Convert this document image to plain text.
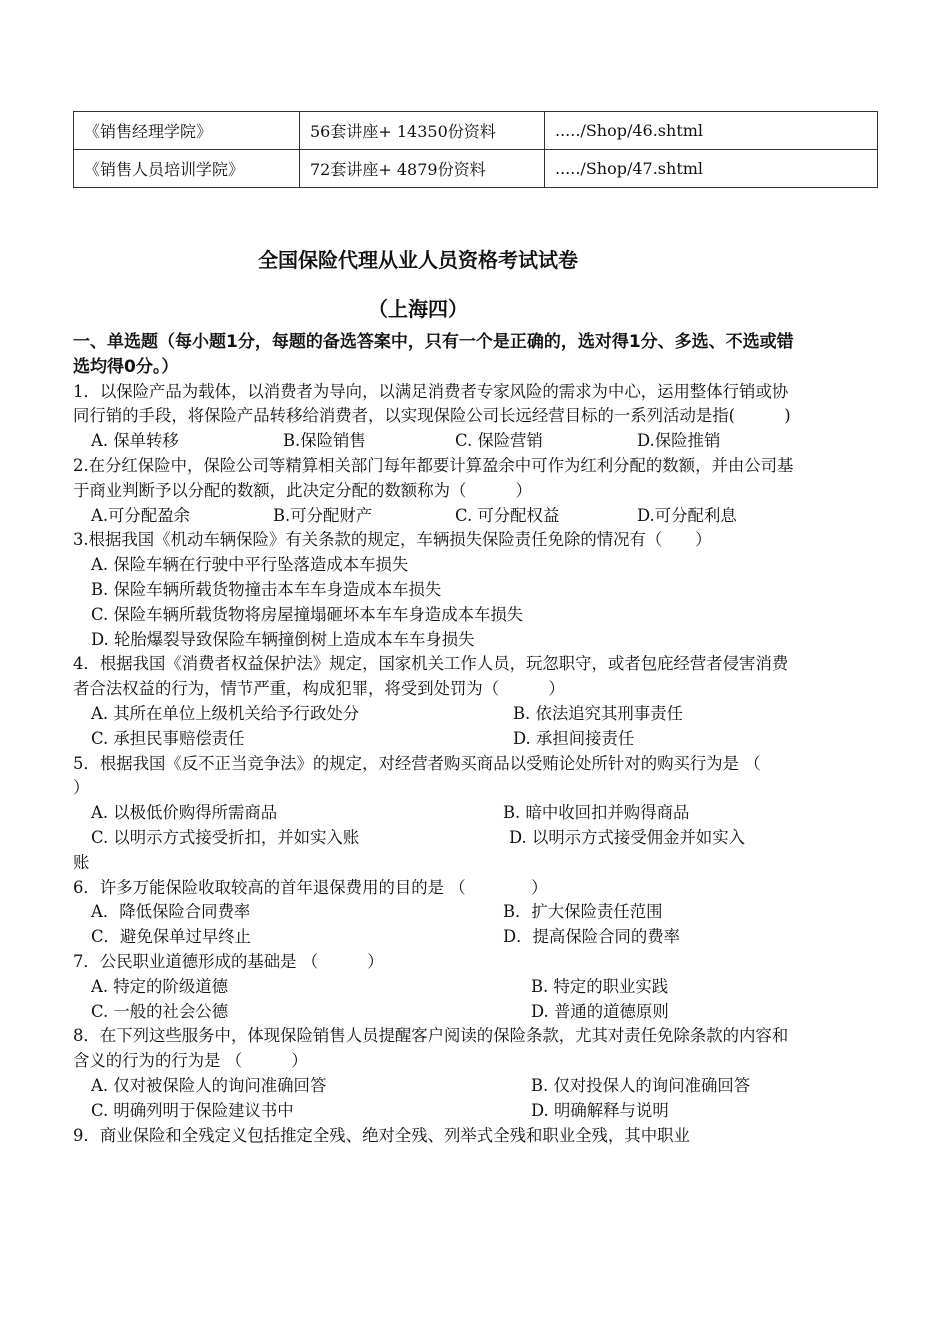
《销售经理学院》	56套讲座+ 14350份资料	...../Shop/46.shtml
《销售人员培训学院》	72套讲座+ 4879份资料	...../Shop/47.shtml
全国保险代理从业人员资格考试试卷
（上海四）
一、单选题（每小题1分，每题的备选答案中，只有一个是正确的，选对得1分、多选、不选或错选均得0分。）
1．以保险产品为载体，以消费者为导向，以满足消费者专家风险的需求为中心，运用整体行销或协同行销的手段，将保险产品转移给消费者，以实现保险公司长远经营目标的一系列活动是指(　　　)
A. 保单转移	B.保险销售	C. 保险营销	D.保险推销
2.在分红保险中，保险公司等精算相关部门每年都要计算盈余中可作为红利分配的数额，并由公司基于商业判断予以分配的数额，此决定分配的数额称为（　　　）
A.可分配盈余	B.可分配财产	C. 可分配权益	D.可分配利息
3.根据我国《机动车辆保险》有关条款的规定，车辆损失保险责任免除的情况有（　　）
A. 保险车辆在行驶中平行坠落造成本车损失
B. 保险车辆所载货物撞击本车车身造成本车损失
C. 保险车辆所载货物将房屋撞塌砸坏本车车身造成本车损失
D. 轮胎爆裂导致保险车辆撞倒树上造成本车车身损失
4．根据我国《消费者权益保护法》规定，国家机关工作人员，玩忽职守，或者包庇经营者侵害消费者合法权益的行为，情节严重，构成犯罪，将受到处罚为（　　　）
A. 其所在单位上级机关给予行政处分	B. 依法追究其刑事责任
C. 承担民事赔偿责任	D. 承担间接责任
5．根据我国《反不正当竞争法》的规定，对经营者购买商品以受贿论处所针对的购买行为是 （　　　）
A. 以极低价购得所需商品	B. 暗中收回扣并购得商品
C. 以明示方式接受折扣，并如实入账	D. 以明示方式接受佣金并如实入
账
6．许多万能保险收取较高的首年退保费用的目的是 （　　　　）
A．降低保险合同费率	B．扩大保险责任范围
C．避免保单过早终止	D．提高保险合同的费率
7．公民职业道德形成的基础是 （　　　）
A. 特定的阶级道德	B. 特定的职业实践
C. 一般的社会公德	D. 普通的道德原则
8．在下列这些服务中，体现保险销售人员提醒客户阅读的保险条款，尤其对责任免除条款的内容和含义的行为的行为是 （　　　）
A. 仅对被保险人的询问准确回答	B. 仅对投保人的询问准确回答
C. 明确列明于保险建议书中	D. 明确解释与说明
9．商业保险和全残定义包括推定全残、绝对全残、列举式全残和职业全残，其中职业
